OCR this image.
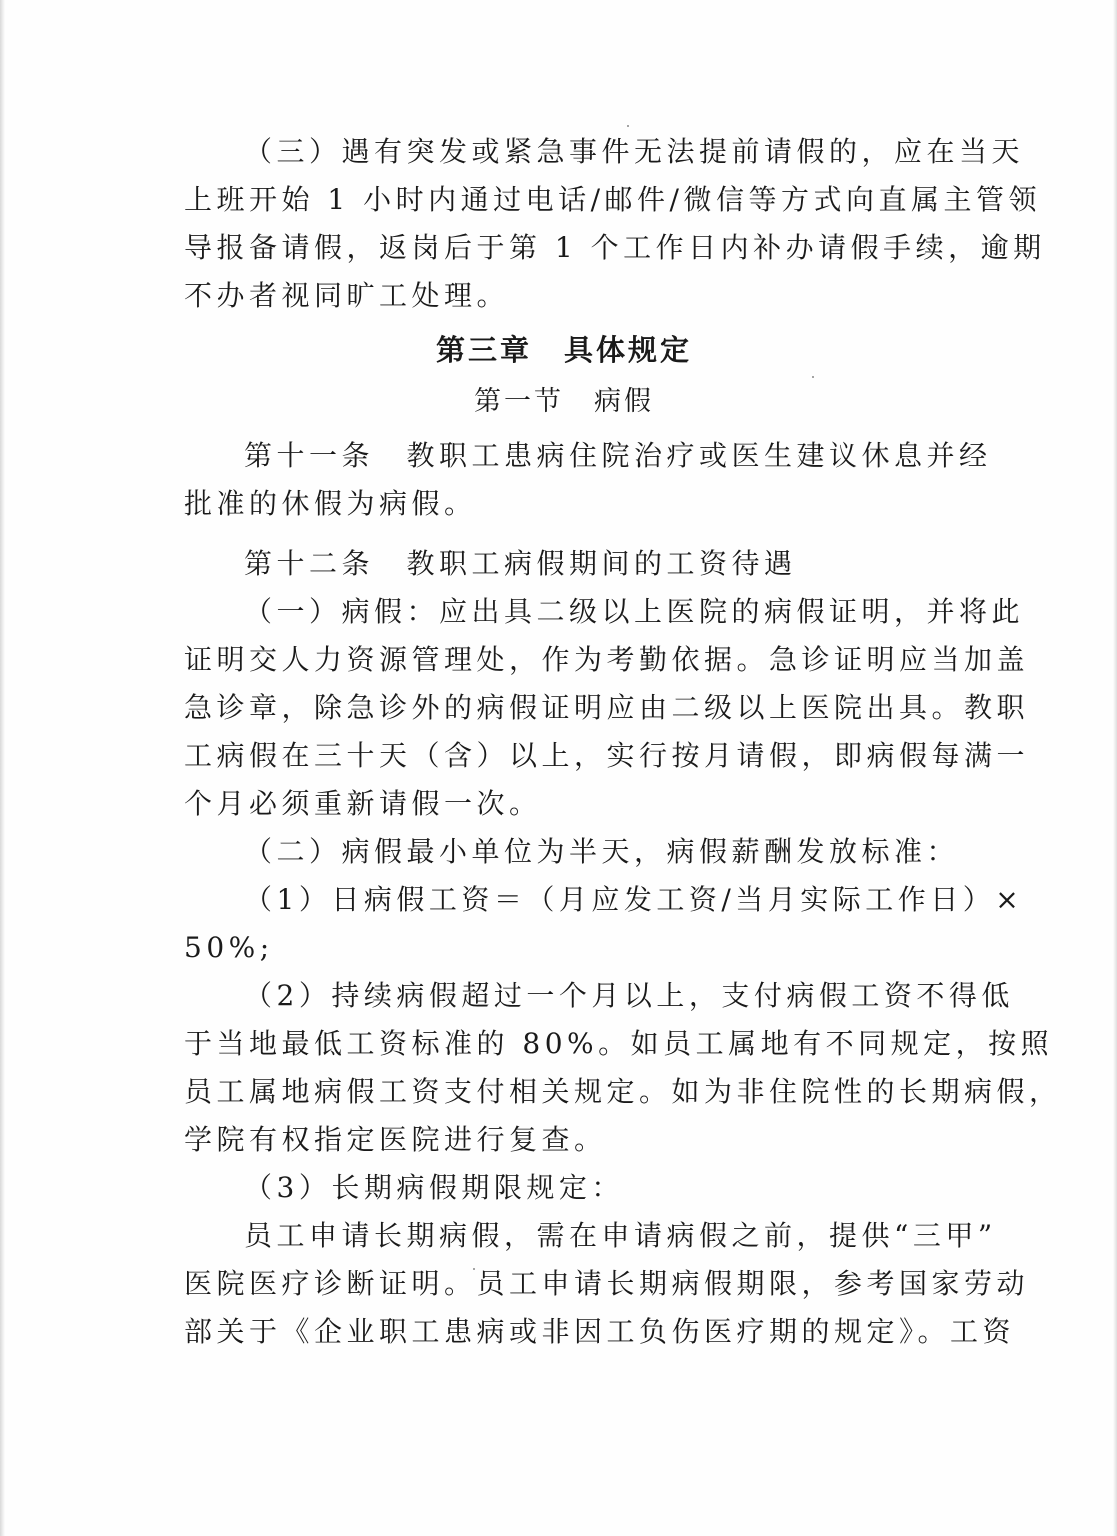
（三）遇有突发或紧急事件无法提前请假的，应在当天
上班开始 1 小时内通过电话/邮件/微信等方式向直属主管领
导报备请假，返岗后于第 1 个工作日内补办请假手续，逾期
不办者视同旷工处理。
第三章　具体规定
第一节　病假
第十一条　教职工患病住院治疗或医生建议休息并经
批准的休假为病假。
第十二条　教职工病假期间的工资待遇
（一）病假：应出具二级以上医院的病假证明，并将此
证明交人力资源管理处，作为考勤依据。急诊证明应当加盖
急诊章，除急诊外的病假证明应由二级以上医院出具。教职
工病假在三十天（含）以上，实行按月请假，即病假每满一
个月必须重新请假一次。
（二）病假最小单位为半天，病假薪酬发放标准：
（1）日病假工资＝（月应发工资/当月实际工作日）×
50%;
（2）持续病假超过一个月以上，支付病假工资不得低
于当地最低工资标准的 80%。如员工属地有不同规定，按照
员工属地病假工资支付相关规定。如为非住院性的长期病假，
学院有权指定医院进行复查。
（3）长期病假期限规定：
员工申请长期病假，需在申请病假之前，提供“三甲”
医院医疗诊断证明。员工申请长期病假期限，参考国家劳动
部关于《企业职工患病或非因工负伤医疗期的规定》。工资
